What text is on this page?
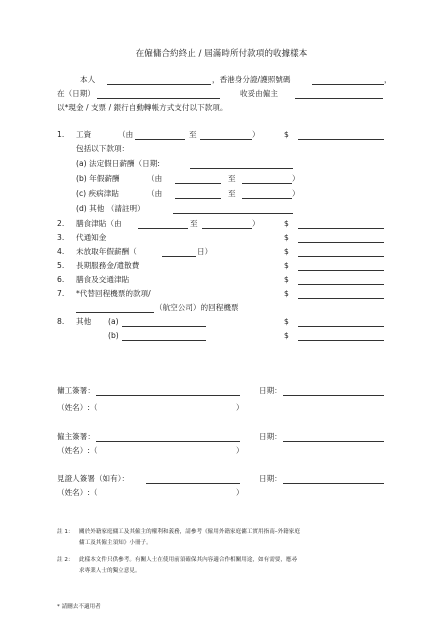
在僱傭合約終止 / 屆滿時所付款項的收據樣本
本人	，香港身分證/護照號碼	，
在（日期）	收妥由僱主
以*現金 / 支票 / 銀行自動轉帳方式支付以下款項。
1. 工資	（由	至	）	$
包括以下款項：
(a) 法定假日薪酬（日期:
(b) 年假薪酬	（由	至	）
(c) 疾病津貼	（由	至	）
(d) 其他 （請註明）
2. 膳食津貼（由	至	）	$
3. 代通知金	$
4. 未放取年假薪酬（	日）	$
5. 長期服務金/遣散費	$
6. 膳食及交通津貼	$
7. *代替回程機票的款項/	$
（航空公司）的回程機票
8. 其他 (a)	$
(b)	$
傭工簽署：	日期：
（姓名）:（	）
僱主簽署：	日期：
（姓名）:（	）
見證人簽署（如有）：	日期：
（姓名）:（	）
註 1： 關於外籍家庭傭工及其僱主的權利和義務，請參考《僱用外籍家庭傭工實用指南–外籍家庭
傭工及其僱主須知》小冊子。
註 2： 此樣本文件只供參考。有關人士在使用前須確保其內容適合作相關用途，如有需要，應尋
求專業人士的獨立意見。
* 請刪去不適用者
